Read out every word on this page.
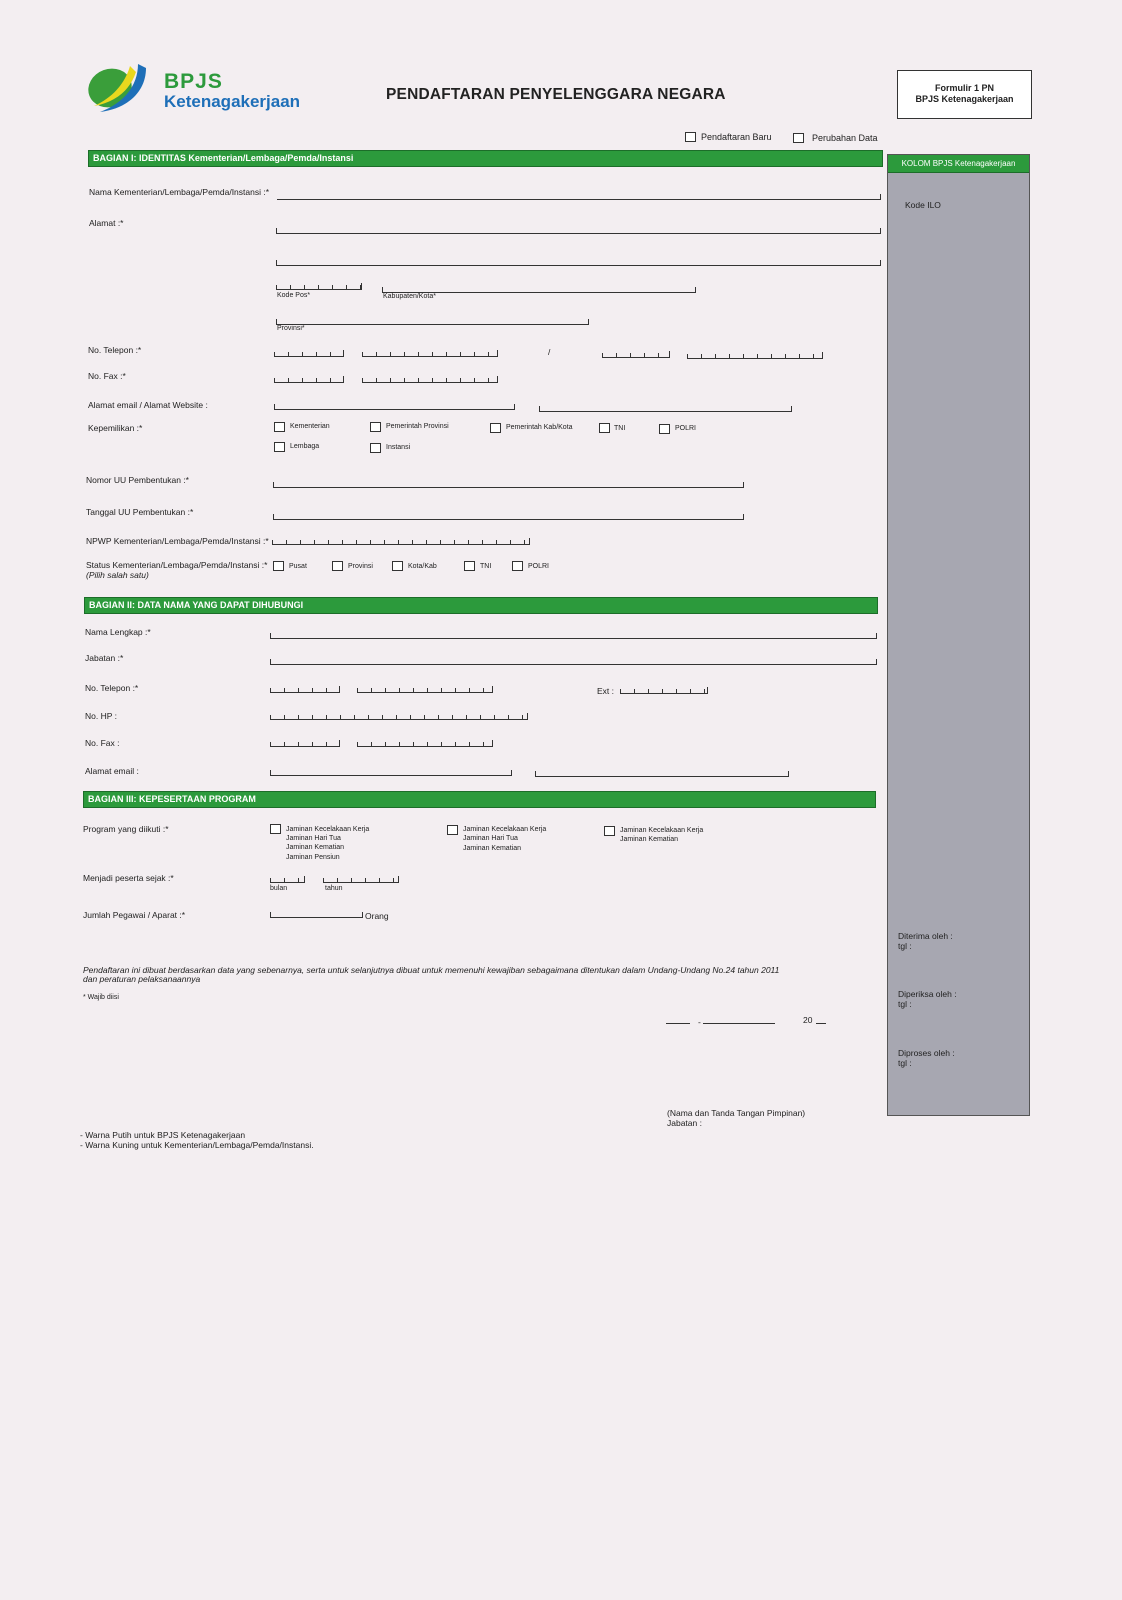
BPJS
Ketenagakerjaan	PENDAFTARAN PENYELENGGARA NEGARA	Formulir 1 PN
BPJS Ketenagakerjaan
Pendaftaran Baru	Perubahan Data
KOLOM BPJS Ketenagakerjaan
Kode ILO
Diterima oleh :
tgl :
Diperiksa oleh :
tgl :
Diproses oleh :
tgl :
BAGIAN I: IDENTITAS Kementerian/Lembaga/Pemda/Instansi
Nama Kementerian/Lembaga/Pemda/Instansi :*
Alamat :*
Kode Pos*	Kabupaten/Kota*
Provinsi*
No. Telepon :*	/
No. Fax :*
Alamat email / Alamat Website :
Kepemilikan :*	Kementerian	Pemerintah Provinsi	Pemerintah Kab/Kota	TNI	POLRI
Lembaga	Instansi
Nomor UU Pembentukan :*
Tanggal UU Pembentukan :*
NPWP Kementerian/Lembaga/Pemda/Instansi :*
Status Kementerian/Lembaga/Pemda/Instansi :*
(Pilih salah satu)
Pusat	Provinsi	Kota/Kab	TNI	POLRI
BAGIAN II: DATA NAMA YANG DAPAT DIHUBUNGI
Nama Lengkap :*
Jabatan :*
No. Telepon :*	Ext :
No. HP :
No. Fax :
Alamat email :
BAGIAN III: KEPESERTAAN PROGRAM
Program yang diikuti :*	Jaminan Kecelakaan Kerja
Jaminan Hari Tua
Jaminan Kematian
Jaminan Pensiun
Jaminan Kecelakaan Kerja
Jaminan Hari Tua
Jaminan Kematian
Jaminan Kecelakaan Kerja
Jaminan Kematian
Menjadi peserta sejak :*
bulan	tahun
Jumlah Pegawai / Aparat :*	Orang
Pendaftaran ini dibuat berdasarkan data yang sebenarnya, serta untuk selanjutnya dibuat untuk memenuhi kewajiban sebagaimana ditentukan dalam Undang-Undang No.24 tahun 2011
dan peraturan pelaksanaannya
* Wajib diisi
-	20
(Nama dan Tanda Tangan Pimpinan)
Jabatan :
- Warna Putih untuk BPJS Ketenagakerjaan
- Warna Kuning untuk Kementerian/Lembaga/Pemda/Instansi.
